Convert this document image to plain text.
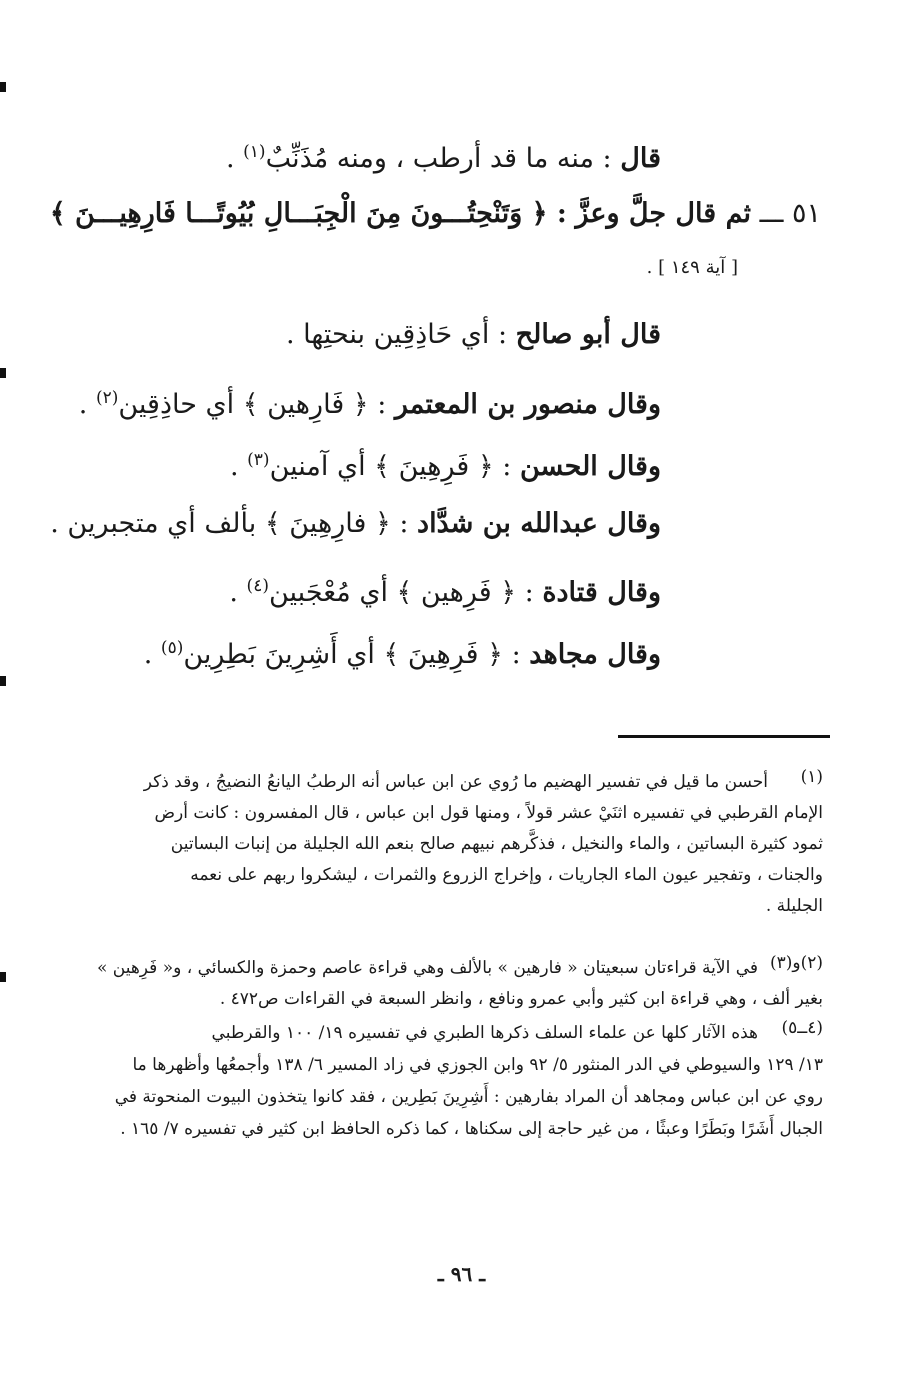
قال : منه ما قد أرطب ، ومنه مُذَنِّبٌ$^{(١)}$ .
٥١ ـــ ثم قال جلَّ وعزَّ : ﴿ وَتَنْحِتُـــونَ مِنَ الْجِبَـــالِ بُيُوتًـــا فَارِهِيـــنَ ﴾
[ آية ١٤٩ ] .
قال أبو صالح : أي حَاذِقِين بنحتِها .
وقال منصور بن المعتمر : ﴿ فَارِهين ﴾ أي حاذِقِين$^{(٢)}$ .
وقال الحسن : ﴿ فَرِهِينَ ﴾ أي آمنين$^{(٣)}$ .
وقال عبدالله بن شدَّاد : ﴿ فارِهِينَ ﴾ بألف أي متجبرين .
وقال قتادة : ﴿ فَرِهين ﴾ أي مُعْجَبين$^{(٤)}$ .
وقال مجاهد : ﴿ فَرِهِينَ ﴾ أي أَشِرِينَ بَطِرِين$^{(٥)}$ .
(١)
أحسن ما قيل في تفسير الهضيم ما رُوي عن ابن عباس أنه الرطبُ اليانعُ النضيجُ ، وقد ذكر
الإمام القرطبي في تفسيره اثنَيْ عشر قولاً ، ومنها قول ابن عباس ، قال المفسرون : كانت أرض
ثمود كثيرة البساتين ، والماء والنخيل ، فذكَّرهم نبيهم صالح بنعم الله الجليلة من إنبات البساتين
والجنات ، وتفجير عيون الماء الجاريات ، وإخراج الزروع والثمرات ، ليشكروا ربهم على نعمه
الجليلة .
(٢)و(٣)
في الآية قراءتان سبعيتان « فارهين » بالألف وهي قراءة عاصم وحمزة والكسائي ، و« فَرِهين »
بغير ألف ، وهي قراءة ابن كثير وأبي عمرو ونافع ، وانظر السبعة في القراءات ص٤٧٢ .
(٤ــ٥)
هذه الآثار كلها عن علماء السلف ذكرها الطبري في تفسيره ١٩/ ١٠٠ والقرطبي
١٣/ ١٢٩ والسيوطي في الدر المنثور ٥/ ٩٢ وابن الجوزي في زاد المسير ٦/ ١٣٨ وأجمعُها وأظهرها ما
روي عن ابن عباس ومجاهد أن المراد بفارهين : أَشِرِينَ بَطِرين ، فقد كانوا يتخذون البيوت المنحوتة في
الجبال أَشَرًا وبَطَرًا وعبثًا ، من غير حاجة إلى سكناها ، كما ذكره الحافظ ابن كثير في تفسيره ٧/ ١٦٥ .
ـ ٩٦ ـ
